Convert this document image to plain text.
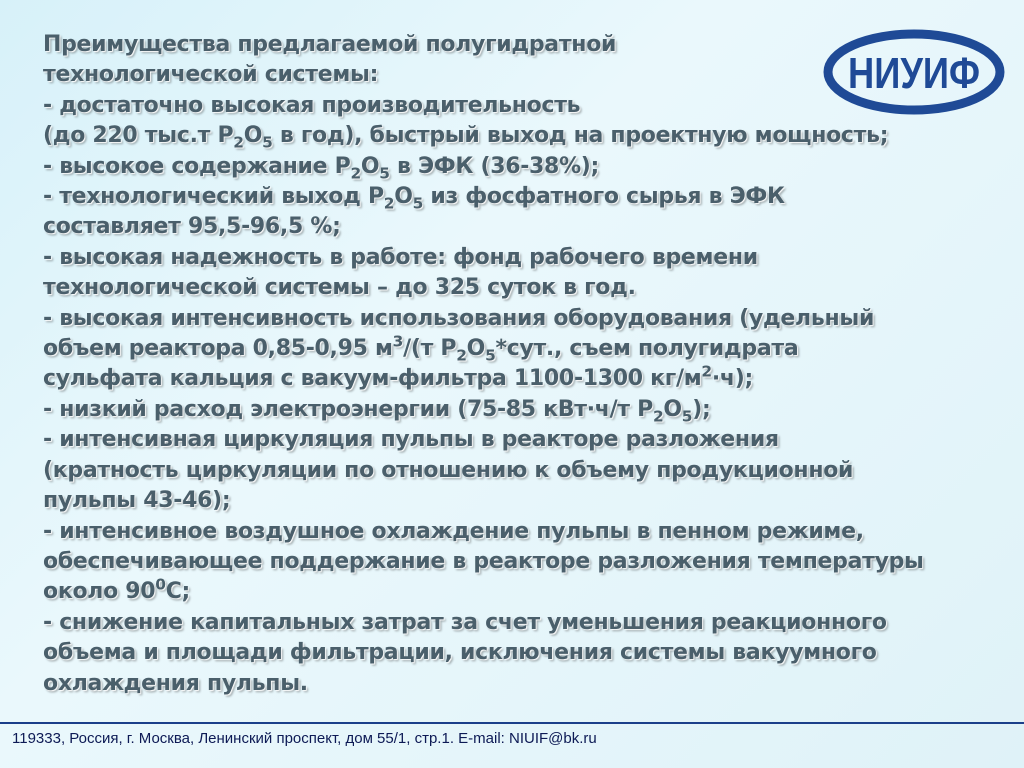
НИУИФ
Преимущества предлагаемой полугидратной
технологической системы:
- достаточно высокая производительность
(до 220 тыс.т $P_2O_5$ в год), быстрый выход на проектную мощность;
- высокое содержание $P_2O_5$ в ЭФК (36-38%);
- технологический выход $P_2O_5$ из фосфатного сырья в ЭФК
составляет 95,5-96,5 %;
- высокая надежность в работе: фонд рабочего времени
технологической системы – до 325 суток в год.
- высокая интенсивность использования оборудования (удельный
объем реактора 0,85-0,95 $м^3/(т$ $P_2O_5*сут$., съем полугидрата
сульфата кальция с вакуум-фильтра 1100-1300 $кг/м^2\cdot ч$);
- низкий расход электроэнергии (75-85 кВт·ч/т $P_2O_5$);
- интенсивная циркуляция пульпы в реакторе разложения
(кратность циркуляции по отношению к объему продукционной
пульпы 43-46);
- интенсивное воздушное охлаждение пульпы в пенном режиме,
обеспечивающее поддержание в реакторе разложения температуры
около $90^0С$;
- снижение капитальных затрат за счет уменьшения реакционного
объема и площади фильтрации, исключения системы вакуумного
охлаждения пульпы.
119333, Россия, г. Москва, Ленинский проспект, дом 55/1, стр.1. E-mail: NIUIF@bk.ru
